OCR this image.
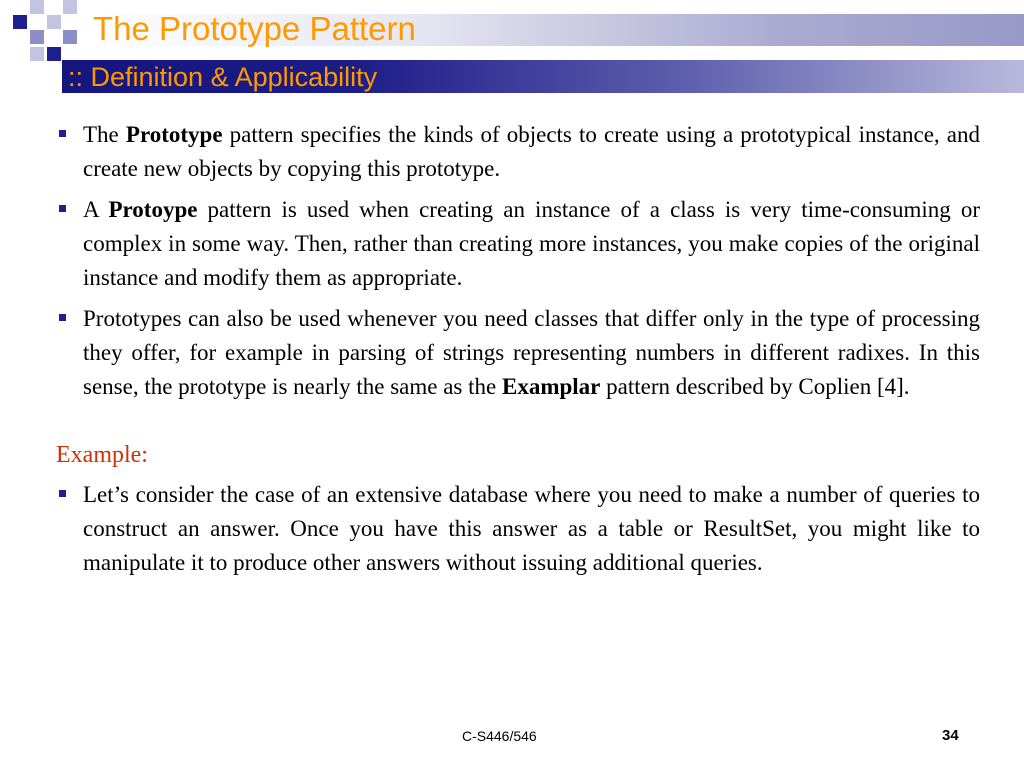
The Prototype Pattern
:: Definition & Applicability
The Prototype pattern specifies the kinds of objects to create using a prototypical instance, and create new objects by copying this prototype.
A Protoype pattern is used when creating an instance of a class is very time-consuming or complex in some way. Then, rather than creating more instances, you make copies of the original instance and modify them as appropriate.
Prototypes can also be used whenever you need classes that differ only in the type of processing they offer, for example in parsing of strings representing numbers in different radixes. In this sense, the prototype is nearly the same as the Examplar pattern described by Coplien [4].
Example:
Let’s consider the case of an extensive database where you need to make a number of queries to construct an answer. Once you have this answer as a table or ResultSet, you might like to manipulate it to produce other answers without issuing additional queries.
C-S446/546	34
